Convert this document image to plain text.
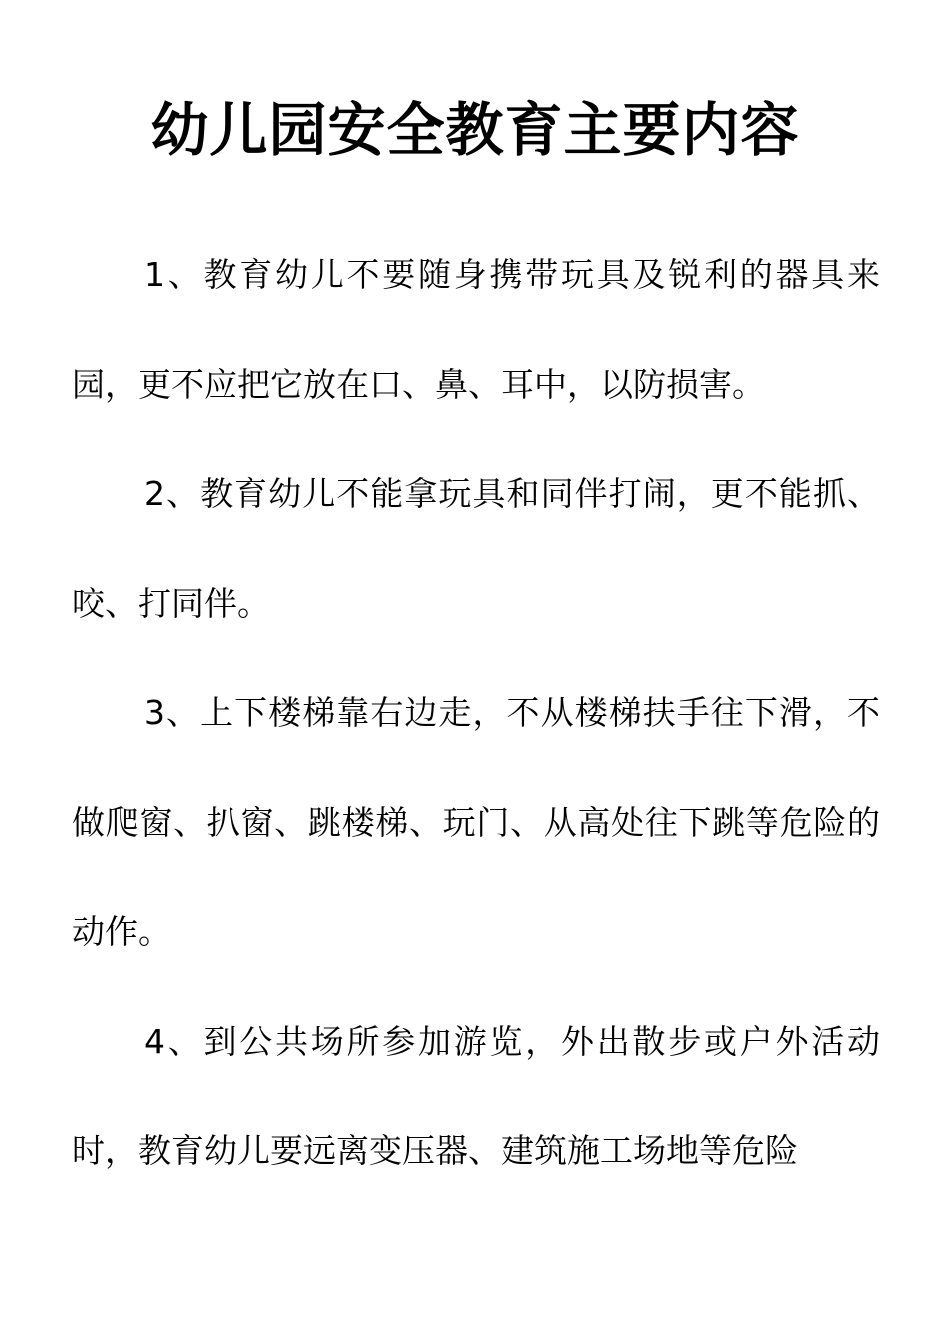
幼儿园安全教育主要内容

1、教育幼儿不要随身携带玩具及锐利的器具来园，更不应把它放在口、鼻、耳中，以防损害。

2、教育幼儿不能拿玩具和同伴打闹，更不能抓、咬、打同伴。

3、上下楼梯靠右边走，不从楼梯扶手往下滑，不做爬窗、扒窗、跳楼梯、玩门、从高处往下跳等危险的动作。

4、到公共场所参加游览，外出散步或户外活动时，教育幼儿要远离变压器、建筑施工场地等危险
